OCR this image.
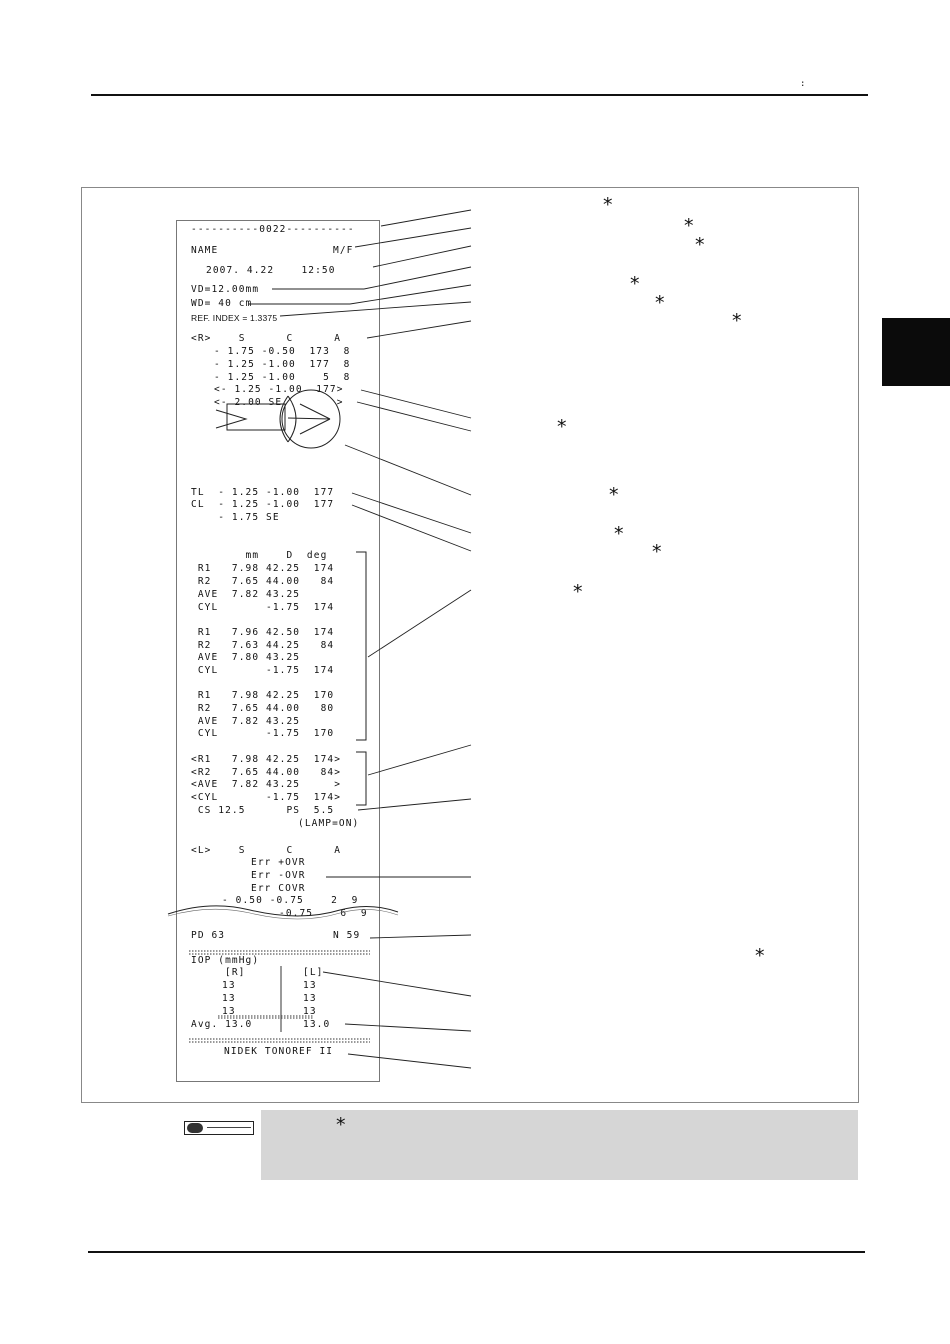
:
----------0022----------
NAME	M/F
2007. 4.22    12:50
VD=12.00mm
WD= 40 cm
REF. INDEX = 1.3375
<R>    S      C      A
- 1.75 -0.50  173  8
- 1.25 -1.00  177  8
- 1.25 -1.00    5  8
<- 1.25 -1.00  177>
<- 2.00 SE        >
TL  - 1.25 -1.00  177
CL  - 1.25 -1.00  177
- 1.75 SE
mm    D  deg
R1   7.98 42.25  174
R2   7.65 44.00   84
AVE  7.82 43.25
CYL       -1.75  174
R1   7.96 42.50  174
R2   7.63 44.25   84
AVE  7.80 43.25
CYL       -1.75  174
R1   7.98 42.25  170
R2   7.65 44.00   80
AVE  7.82 43.25
CYL       -1.75  170
<R1   7.98 42.25  174>
<R2   7.65 44.00   84>
<AVE  7.82 43.25     >
<CYL       -1.75  174>
CS 12.5      PS  5.5
(LAMP=ON)
<L>    S      C      A
Err +OVR
Err -OVR
Err COVR
- 0.50 -0.75    2  9
-0.75    6  9
PD 63	N 59
IOP (mmHg)
[R]	[L]
13	13
13	13
13	13
Avg. 13.0	13.0
NIDEK TONOREF II
*
*
*
*
*
*
*
*
*
*
*
*
*
